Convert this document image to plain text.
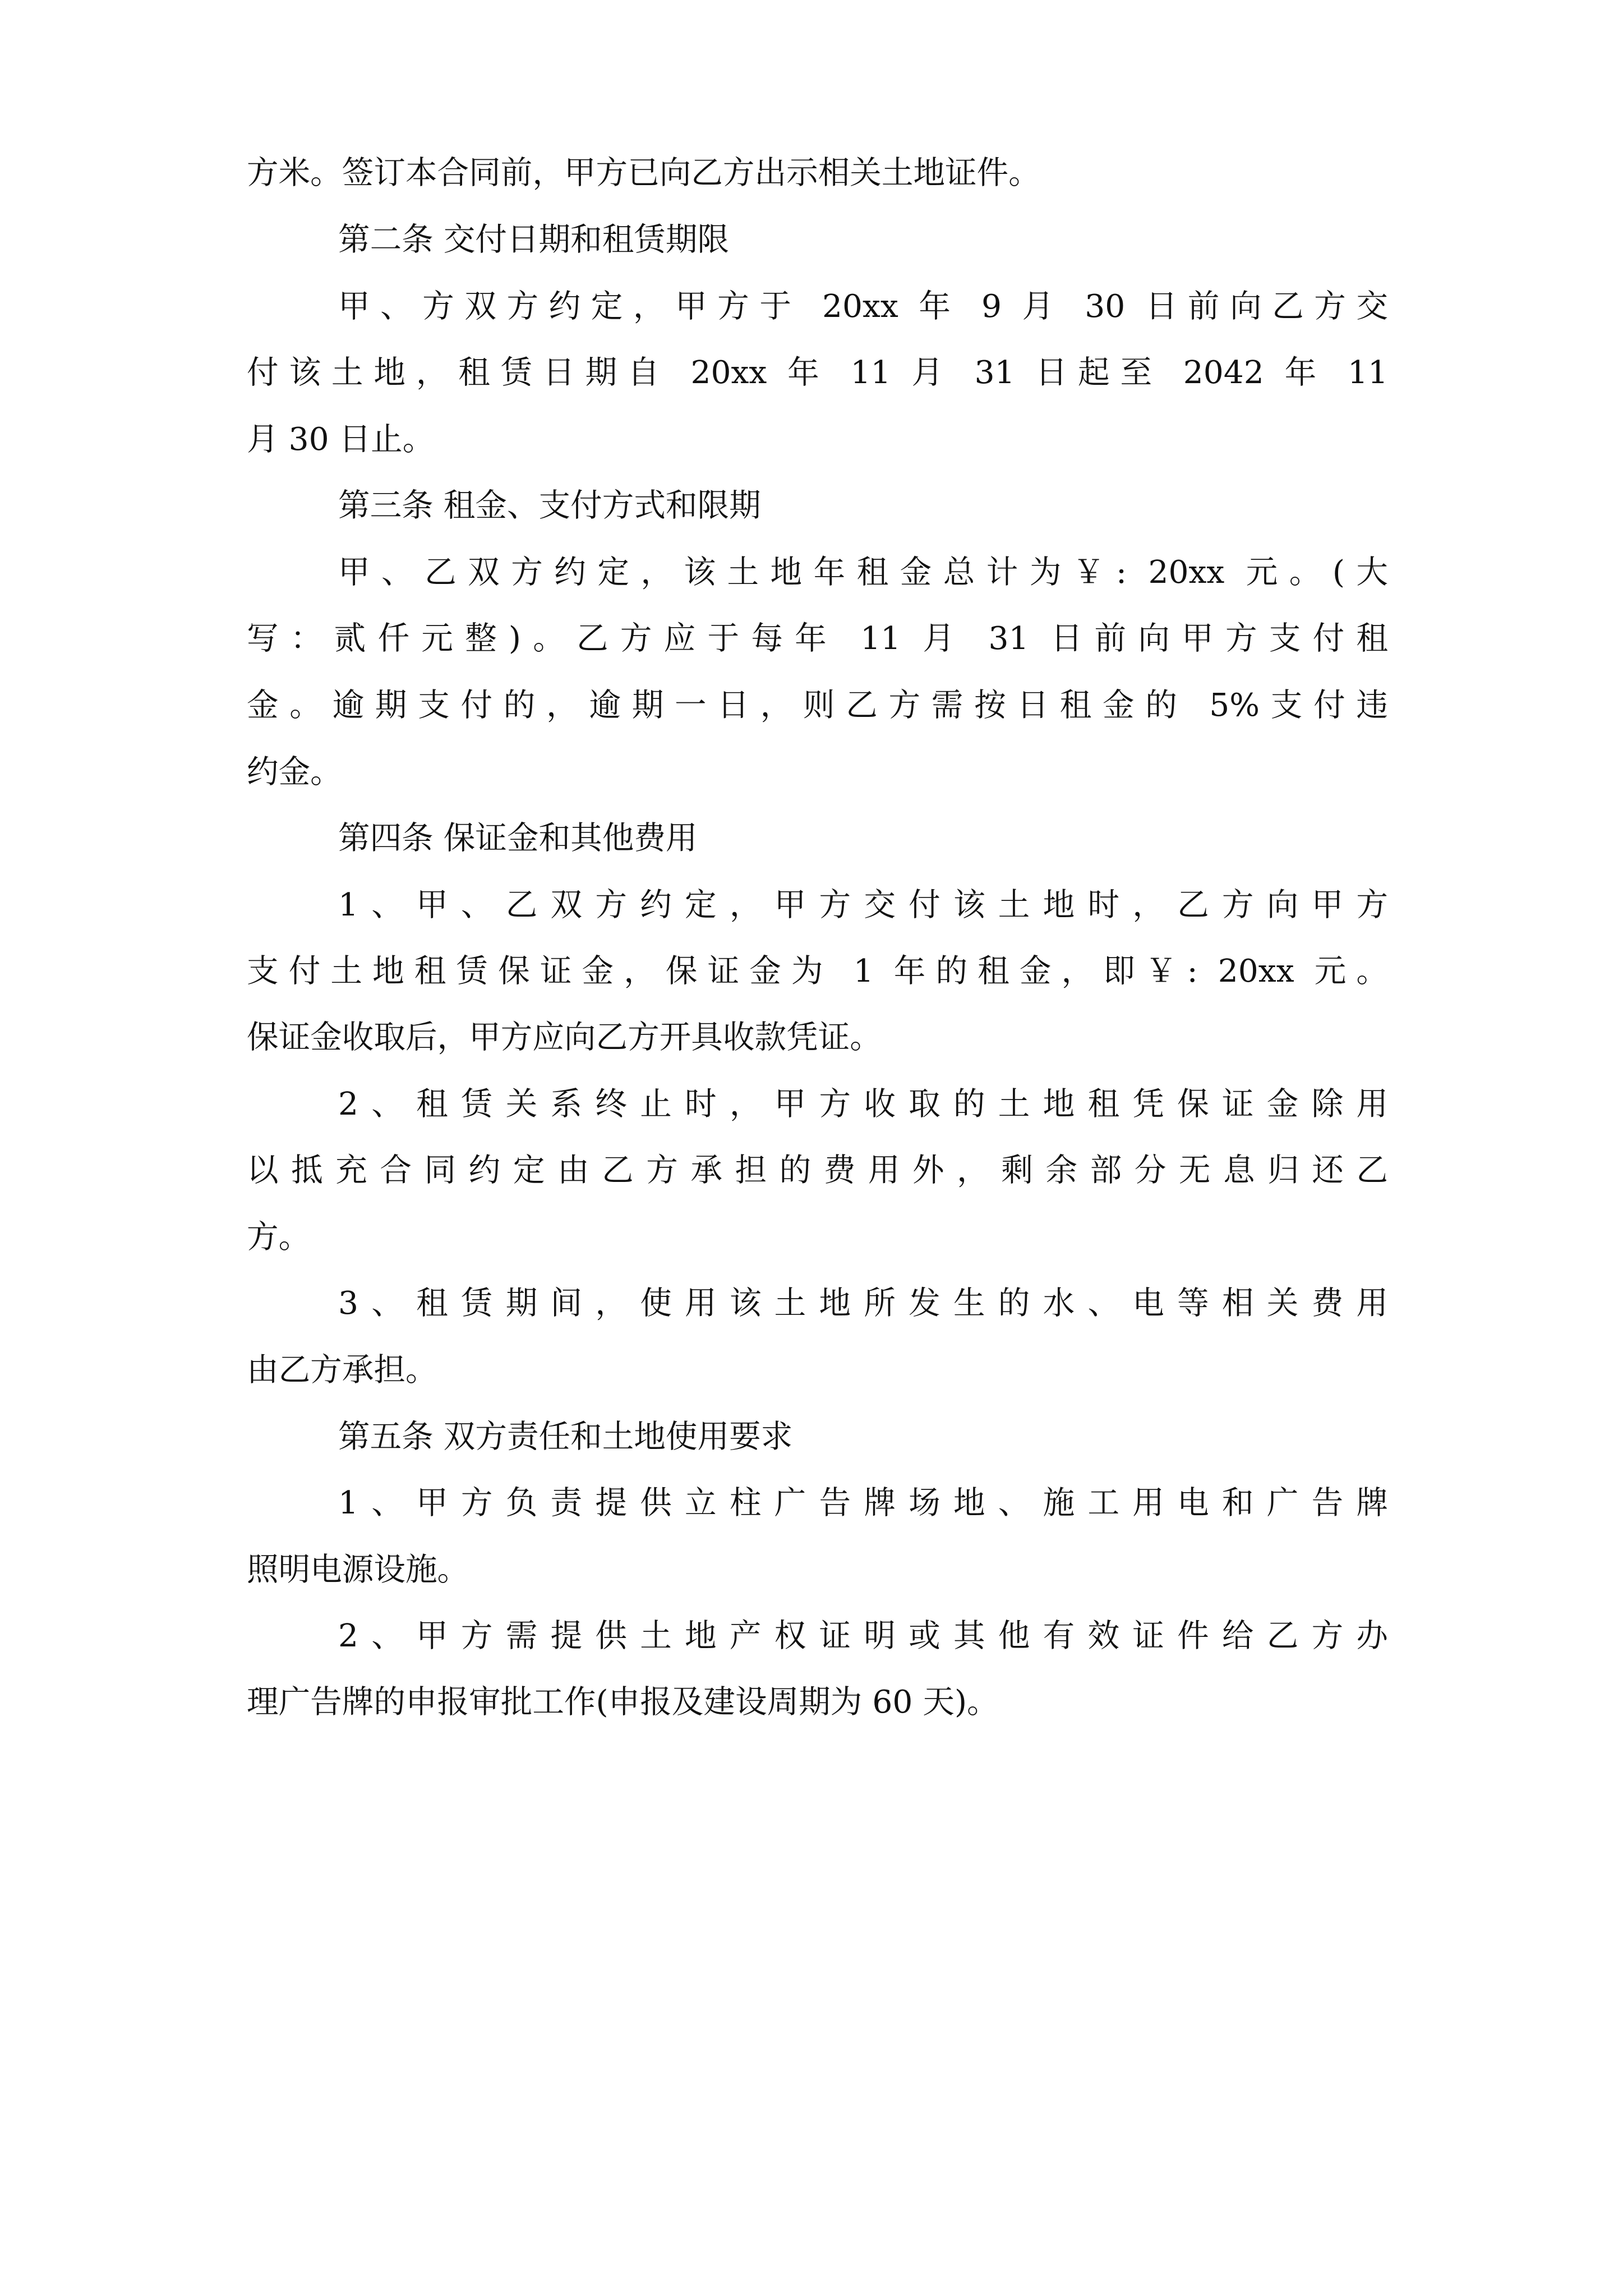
方米。签订本合同前，甲方已向乙方出示相关土地证件。

第二条 交付日期和租赁期限

甲、方双方约定，甲方于 20xx 年 9 月 30 日前向乙方交

付该土地，租赁日期自 20xx 年 11 月 31 日起至 2042 年 11

月 30 日止。

第三条 租金、支付方式和限期

甲、乙双方约定，该土地年租金总计为￥: 20xx 元。(大

写：贰仟元整)。乙方应于每年 11 月 31 日前向甲方支付租

金。逾期支付的，逾期一日，则乙方需按日租金的 5%支付违

约金。

第四条 保证金和其他费用

1、甲、乙双方约定，甲方交付该土地时，乙方向甲方

支付土地租赁保证金，保证金为 1 年的租金，即￥: 20xx 元。

保证金收取后，甲方应向乙方开具收款凭证。

2、租赁关系终止时，甲方收取的土地租凭保证金除用

以抵充合同约定由乙方承担的费用外，剩余部分无息归还乙

方。

3、租赁期间，使用该土地所发生的水、电等相关费用

由乙方承担。

第五条 双方责任和土地使用要求

1、甲方负责提供立柱广告牌场地、施工用电和广告牌

照明电源设施。

2、甲方需提供土地产权证明或其他有效证件给乙方办

理广告牌的申报审批工作(申报及建设周期为 60 天)。
